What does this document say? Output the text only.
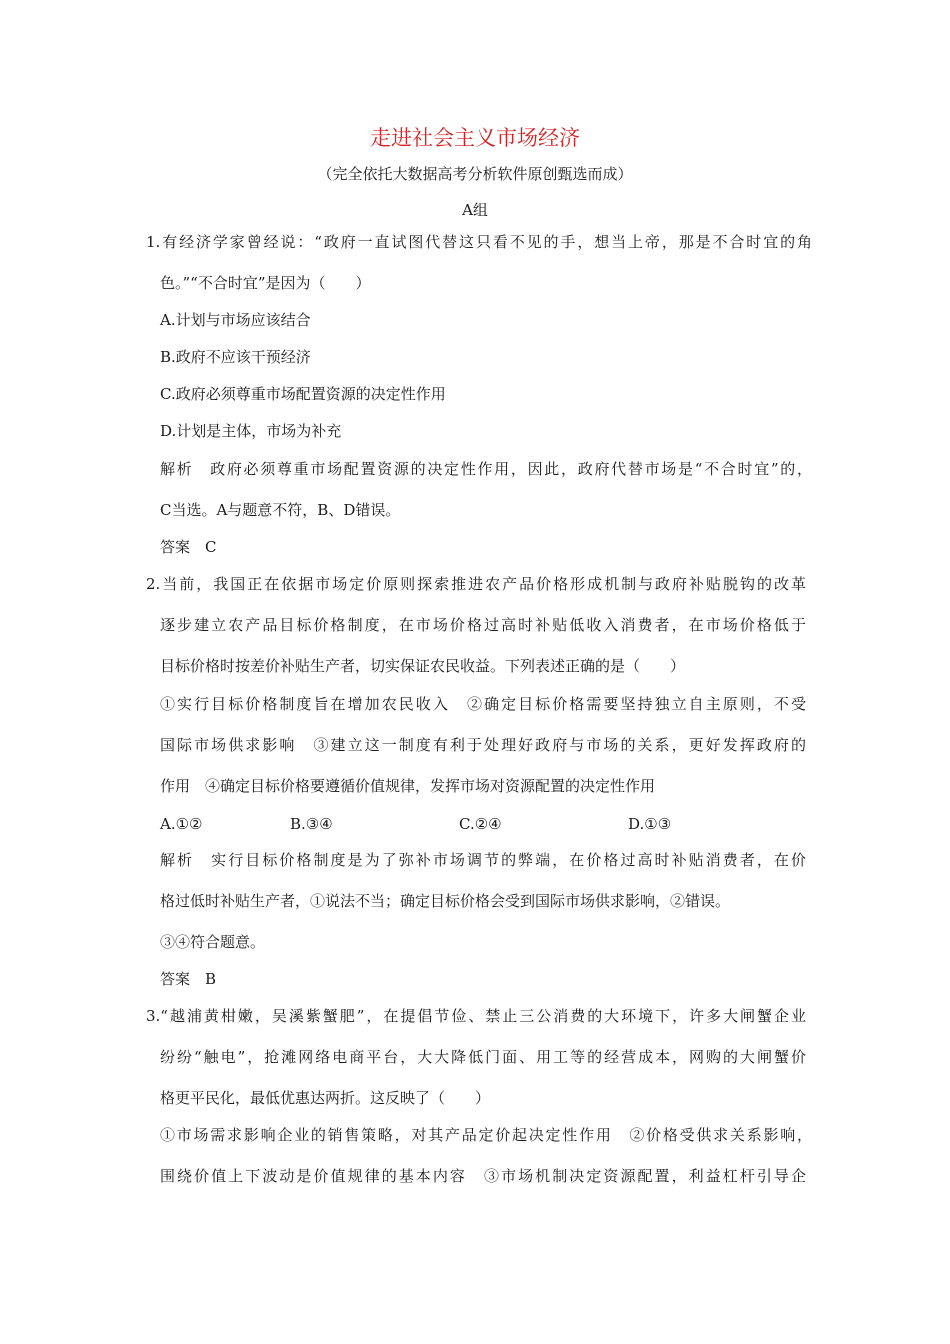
走进社会主义市场经济
（完全依托大数据高考分析软件原创甄选而成）
A组
1.有经济学家曾经说：“政府一直试图代替这只看不见的手，想当上帝，那是不合时宜的角
色。”“不合时宜”是因为（　　）
A.计划与市场应该结合
B.政府不应该干预经济
C.政府必须尊重市场配置资源的决定性作用
D.计划是主体，市场为补充
解析　政府必须尊重市场配置资源的决定性作用，因此，政府代替市场是“不合时宜”的，
C当选。A与题意不符，B、D错误。
答案　C
2.当前，我国正在依据市场定价原则探索推进农产品价格形成机制与政府补贴脱钩的改革
逐步建立农产品目标价格制度，在市场价格过高时补贴低收入消费者，在市场价格低于
目标价格时按差价补贴生产者，切实保证农民收益。下列表述正确的是（　　）
①实行目标价格制度旨在增加农民收入　②确定目标价格需要坚持独立自主原则，不受
国际市场供求影响　③建立这一制度有利于处理好政府与市场的关系，更好发挥政府的
作用　④确定目标价格要遵循价值规律，发挥市场对资源配置的决定性作用
A.①②	B.③④	C.②④	D.①③
解析　实行目标价格制度是为了弥补市场调节的弊端，在价格过高时补贴消费者，在价
格过低时补贴生产者，①说法不当；确定目标价格会受到国际市场供求影响，②错误。
③④符合题意。
答案　B
3.“越浦黄柑嫩，吴溪紫蟹肥”，在提倡节俭、禁止三公消费的大环境下，许多大闸蟹企业
纷纷“触电”，抢滩网络电商平台，大大降低门面、用工等的经营成本，网购的大闸蟹价
格更平民化，最低优惠达两折。这反映了（　　）
①市场需求影响企业的销售策略，对其产品定价起决定性作用　②价格受供求关系影响，
围绕价值上下波动是价值规律的基本内容　③市场机制决定资源配置，利益杠杆引导企
